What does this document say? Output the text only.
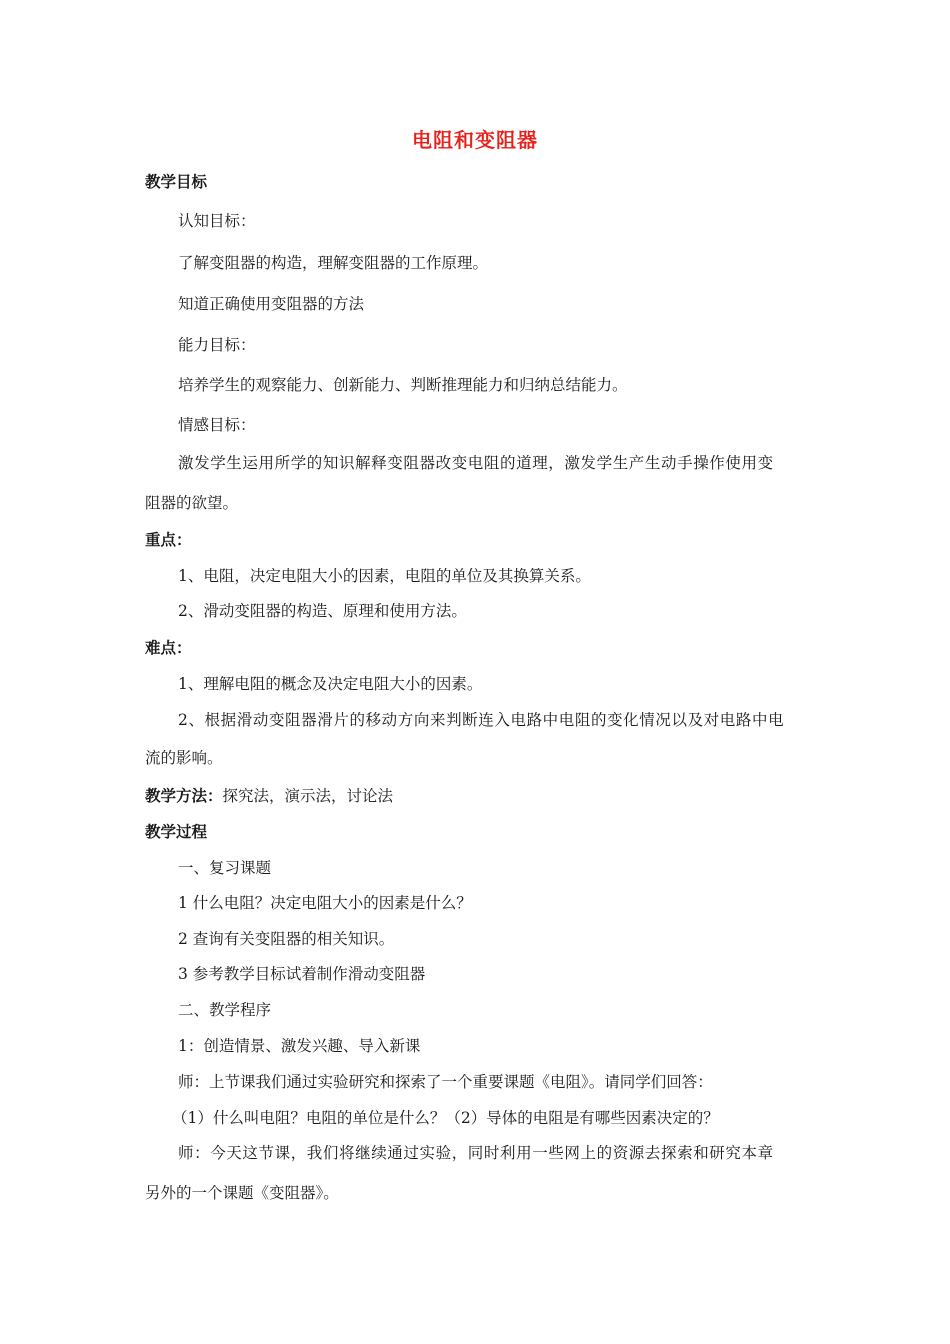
电阻和变阻器
教学目标
认知目标：
了解变阻器的构造，理解变阻器的工作原理。
知道正确使用变阻器的方法
能力目标：
培养学生的观察能力、创新能力、判断推理能力和归纳总结能力。
情感目标：
激发学生运用所学的知识解释变阻器改变电阻的道理，激发学生产生动手操作使用变
阻器的欲望。
重点：
1、电阻，决定电阻大小的因素，电阻的单位及其换算关系。
2、滑动变阻器的构造、原理和使用方法。
难点：
1、理解电阻的概念及决定电阻大小的因素。
2、根据滑动变阻器滑片的移动方向来判断连入电路中电阻的变化情况以及对电路中电
流的影响。
教学方法：探究法，演示法，讨论法
教学过程
一、复习课题
1 什么电阻？决定电阻大小的因素是什么？
2 查询有关变阻器的相关知识。
3 参考教学目标试着制作滑动变阻器
二、教学程序
1：创造情景、激发兴趣、导入新课
师：上节课我们通过实验研究和探索了一个重要课题《电阻》。请同学们回答：
（1）什么叫电阻？电阻的单位是什么？（2）导体的电阻是有哪些因素决定的？
师：今天这节课，我们将继续通过实验，同时利用一些网上的资源去探索和研究本章
另外的一个课题《变阻器》。
